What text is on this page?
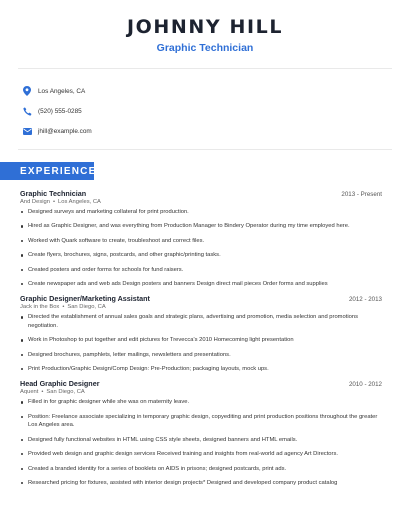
JOHNNY HILL
Graphic Technician
Los Angeles, CA
(520) 555-0285
jhill@example.com
EXPERIENCE
Graphic Technician	2013 - Present
And Design • Los Angeles, CA
Designed surveys and marketing collateral for print production.
Hired as Graphic Designer, and was everything from Production Manager to Bindery Operator during my time employed here.
Worked with Quark software to create, troubleshoot and correct files.
Create flyers, brochures, signs, postcards, and other graphic/printing tasks.
Created posters and order forms for schools for fund raisers.
Create newspaper ads and web ads Design posters and banners Design direct mail pieces Order forms and supplies
Graphic Designer/Marketing Assistant	2012 - 2013
Jack in the Box • San Diego, CA
Directed the establishment of annual sales goals and strategic plans, advertising and promotion, media selection and promotions negotiation.
Work in Photoshop to put together and edit pictures for Trevecca's 2010 Homecoming light presentation
Designed brochures, pamphlets, letter mailings, newsletters and presentations.
Print Production/Graphic Design/Comp Design: Pre-Production; packaging layouts, mock ups.
Head Graphic Designer	2010 - 2012
Aquent • San Diego, CA
Filled in for graphic designer while she was on maternity leave.
Position: Freelance associate specializing in temporary graphic design, copyediting and print production positions throughout the greater Los Angeles area.
Designed fully functional websites in HTML using CSS style sheets, designed banners and HTML emails.
Provided web design and graphic design services Received training and insights from real-world ad agency Art Directors.
Created a branded identity for a series of booklets on AIDS in prisons; designed postcards, print ads.
Researched pricing for fixtures, assisted with interior design projects* Designed and developed company product catalog
